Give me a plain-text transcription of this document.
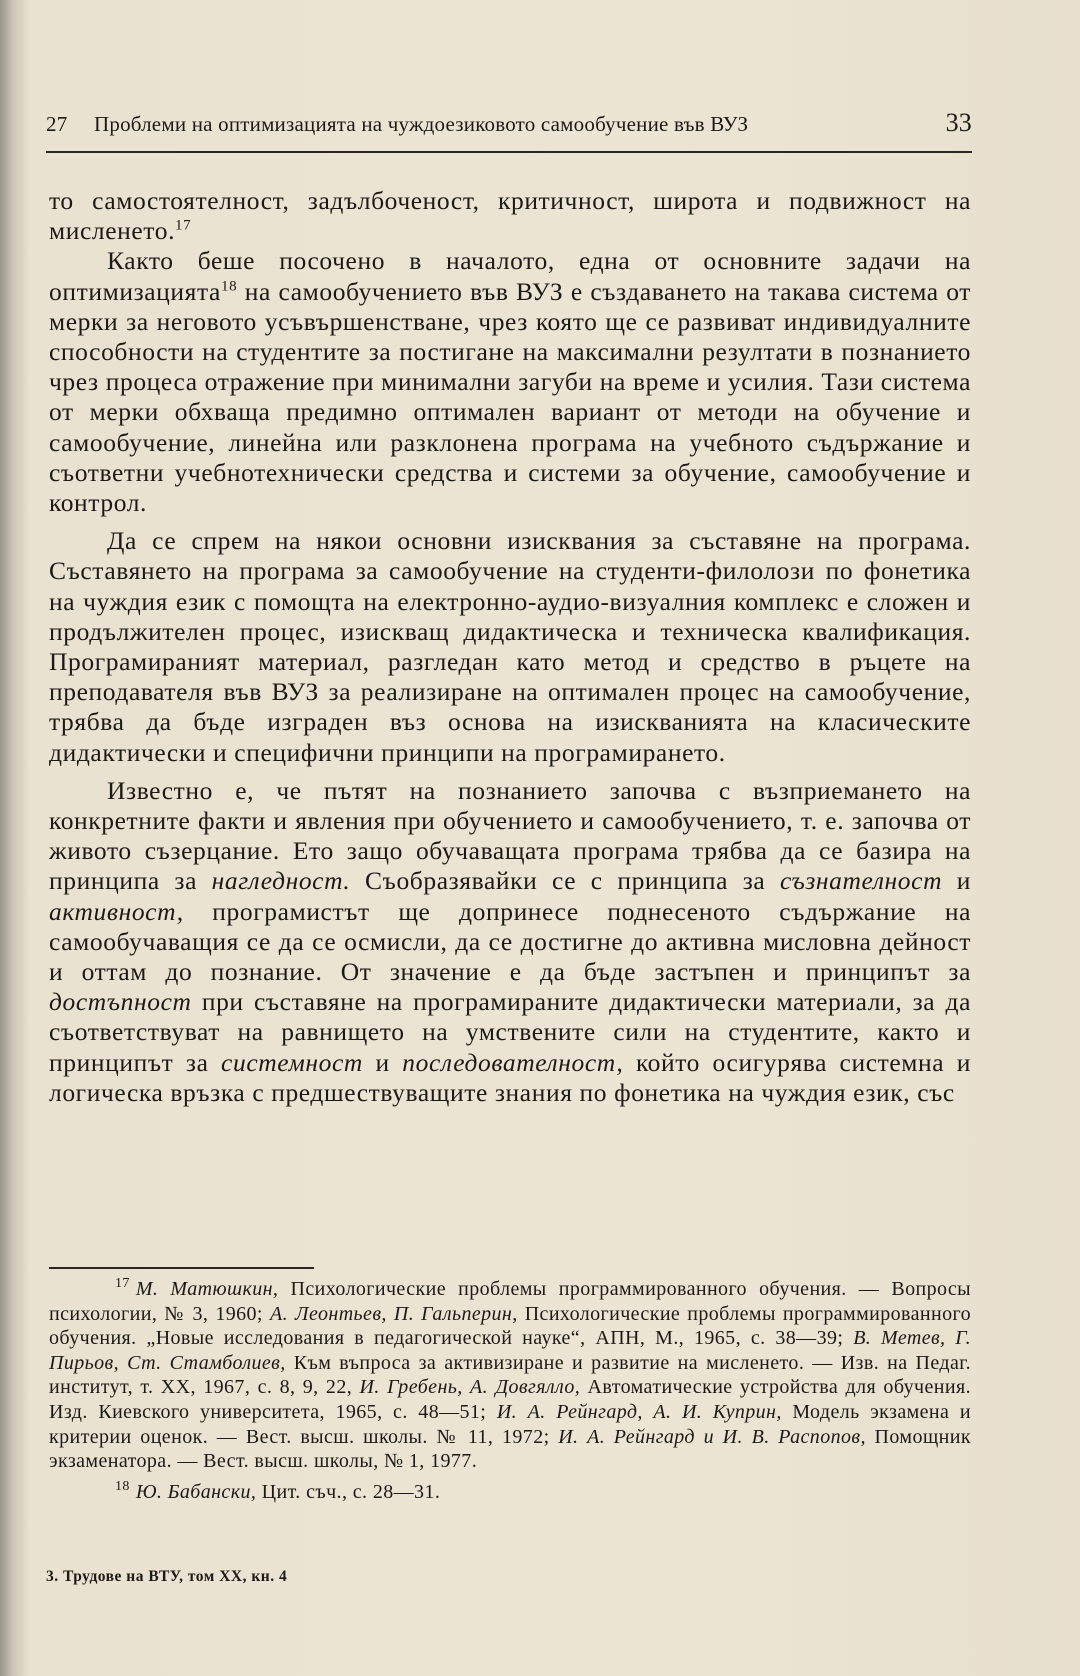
27	Проблеми на оптимизацията на чуждоезиковото самообучение във ВУЗ	33

то самостоятелност, задълбоченост, критичност, широта и подвижност на мисленето.$^{17}$

Както беше посочено в началото, една от основните задачи на оптимизацията$^{18}$ на самообучението във ВУЗ е създаването на такава система от мерки за неговото усъвършенстване, чрез която ще се развиват индивидуалните способности на студентите за постигане на максимални резултати в познанието чрез процеса отражение при минимални загуби на време и усилия. Тази система от мерки обхваща предимно оптимален вариант от методи на обучение и самообучение, линейна или разклонена програма на учебното съдържание и съответни учебнотехнически средства и системи за обучение, самообучение и контрол.

Да се спрем на някои основни изисквания за съставяне на програма. Съставянето на програма за самообучение на студенти-филолози по фонетика на чуждия език с помощта на електронно-аудио-визуалния комплекс е сложен и продължителен процес, изискващ дидактическа и техническа квалификация. Програмираният материал, разгледан като метод и средство в ръцете на преподавателя във ВУЗ за реализиране на оптимален процес на самообучение, трябва да бъде изграден въз основа на изискванията на класическите дидактически и специфични принципи на програмирането.

Известно е, че пътят на познанието започва с възприемането на конкретните факти и явления при обучението и самообучението, т. е. започва от живото съзерцание. Ето защо обучаващата програма трябва да се базира на принципа за нагледност. Съобразявайки се с принципа за съзнателност и активност, програмистът ще допринесе поднесеното съдържание на самообучаващия се да се осмисли, да се достигне до активна мисловна дейност и оттам до познание. От значение е да бъде застъпен и принципът за достъпност при съставяне на програмираните дидактически материали, за да съответствуват на равнището на умствените сили на студентите, както и принципът за системност и последователност, който осигурява системна и логическа връзка с предшествуващите знания по фонетика на чуждия език, със

$^{17}$ М. Матюшкин, Психологические проблемы программированного обучения. — Вопросы психологии, № 3, 1960; А. Леонтьев, П. Гальперин, Психологические проблемы программированного обучения. „Новые исследования в педагогической науке“, АПН, М., 1965, с. 38—39; В. Метев, Г. Пирьов, Ст. Стамболиев, Към въпроса за активизиране и развитие на мисленето. — Изв. на Педаг. институт, т. XX, 1967, с. 8, 9, 22, И. Гребень, А. Довгялло, Автоматические устройства для обучения. Изд. Киевского университета, 1965, с. 48—51; И. А. Рейнгард, А. И. Куприн, Модель экзамена и критерии оценок. — Вест. высш. школы. № 11, 1972; И. А. Рейнгард и И. В. Распопов, Помощник экзаменатора. — Вест. высш. школы, № 1, 1977.

$^{18}$ Ю. Бабански, Цит. съч., с. 28—31.

3. Трудове на ВТУ, том XX, кн. 4
